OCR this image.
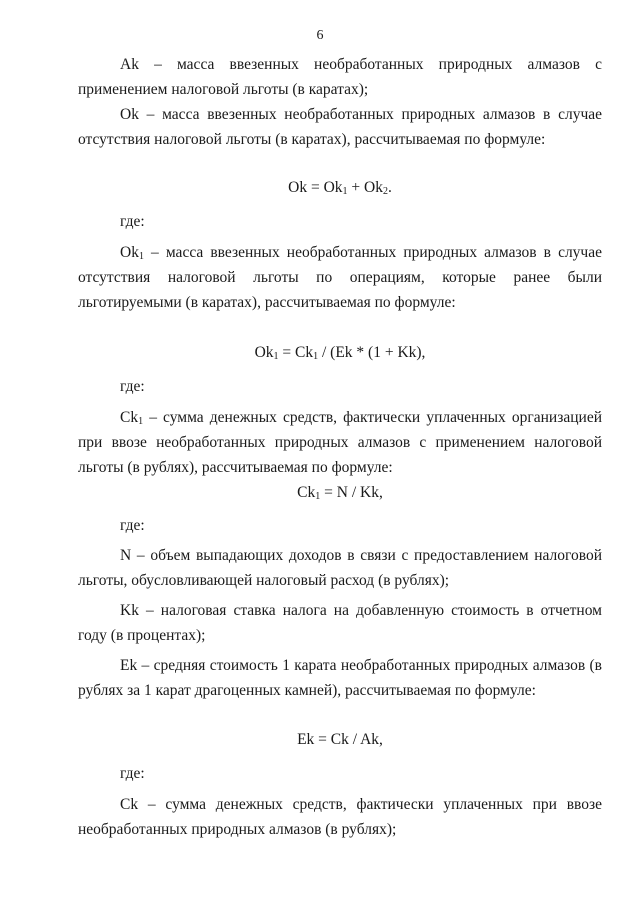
6

Ak – масса ввезенных необработанных природных алмазов с применением налоговой льготы (в каратах);

Ok – масса ввезенных необработанных природных алмазов в случае отсутствия налоговой льготы (в каратах), рассчитываемая по формуле:

$Ok = Ok_1 + Ok_2$.

где:

$Ok_1$ – масса ввезенных необработанных природных алмазов в случае отсутствия налоговой льготы по операциям, которые ранее были льготируемыми (в каратах), рассчитываемая по формуле:

$Ok_1 = Ck_1 / (Ek * (1 + Kk)$,

где:

$Ck_1$ – сумма денежных средств, фактически уплаченных организацией при ввозе необработанных природных алмазов с применением налоговой льготы (в рублях), рассчитываемая по формуле:

$Ck_1 = N / Kk$,

где:

N – объем выпадающих доходов в связи с предоставлением налоговой льготы, обусловливающей налоговый расход (в рублях);

Kk – налоговая ставка налога на добавленную стоимость в отчетном году (в процентах);

Ek – средняя стоимость 1 карата необработанных природных алмазов (в рублях за 1 карат драгоценных камней), рассчитываемая по формуле:

Ek = Ck / Ak,

где:

Ck – сумма денежных средств, фактически уплаченных при ввозе необработанных природных алмазов (в рублях);
